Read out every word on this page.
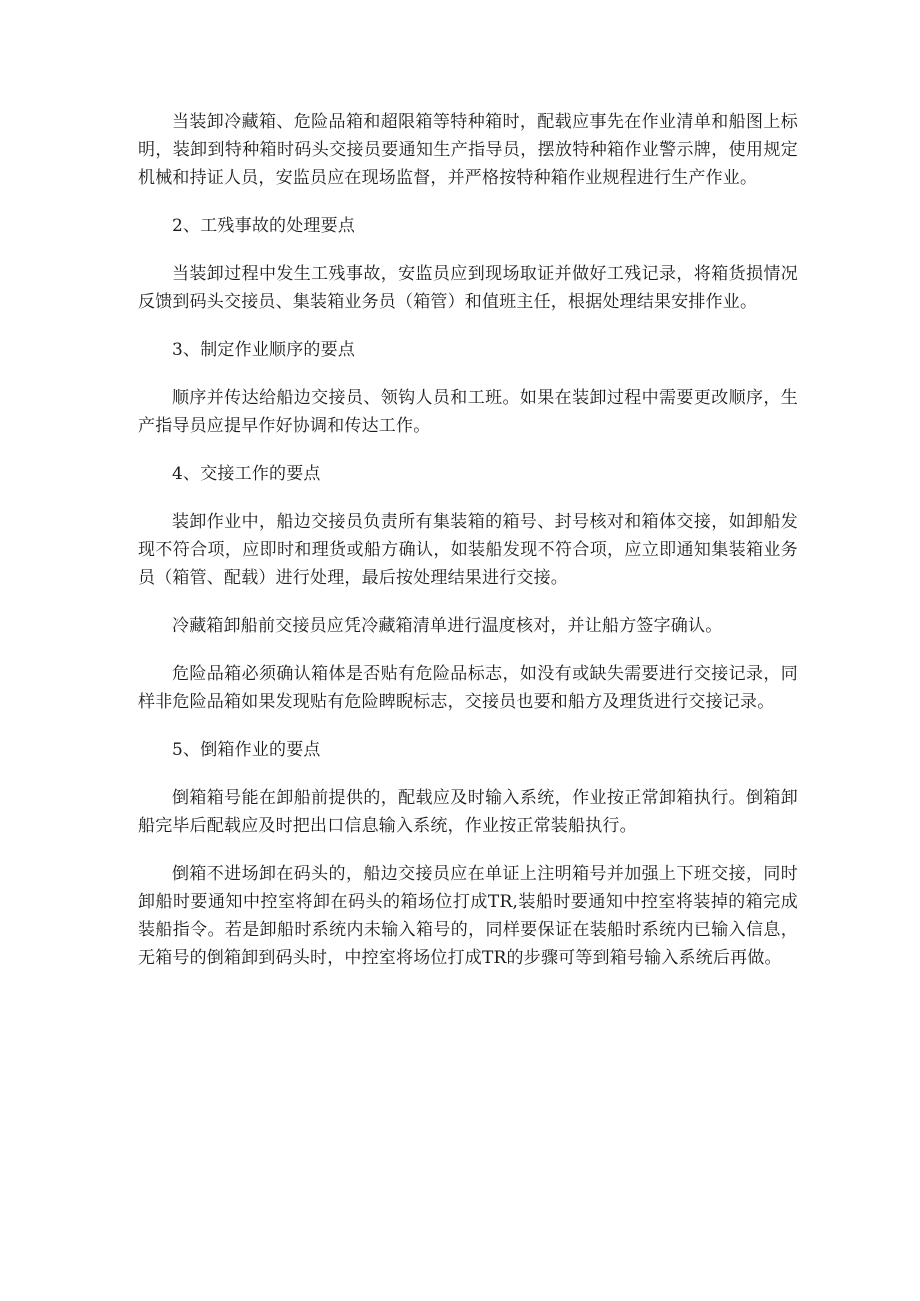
当装卸冷藏箱、危险品箱和超限箱等特种箱时，配载应事先在作业清单和船图上标明，装卸到特种箱时码头交接员要通知生产指导员，摆放特种箱作业警示牌，使用规定机械和持证人员，安监员应在现场监督，并严格按特种箱作业规程进行生产作业。

2、工残事故的处理要点

当装卸过程中发生工残事故，安监员应到现场取证并做好工残记录，将箱货损情况反馈到码头交接员、集装箱业务员（箱管）和值班主任，根据处理结果安排作业。

3、制定作业顺序的要点

顺序并传达给船边交接员、领钩人员和工班。如果在装卸过程中需要更改顺序，生产指导员应提早作好协调和传达工作。

4、交接工作的要点

装卸作业中，船边交接员负责所有集装箱的箱号、封号核对和箱体交接，如卸船发现不符合项，应即时和理货或船方确认，如装船发现不符合项，应立即通知集装箱业务员（箱管、配载）进行处理，最后按处理结果进行交接。

冷藏箱卸船前交接员应凭冷藏箱清单进行温度核对，并让船方签字确认。

危险品箱必须确认箱体是否贴有危险品标志，如没有或缺失需要进行交接记录，同样非危险品箱如果发现贴有危险睥睨标志，交接员也要和船方及理货进行交接记录。

5、倒箱作业的要点

倒箱箱号能在卸船前提供的，配载应及时输入系统，作业按正常卸箱执行。倒箱卸船完毕后配载应及时把出口信息输入系统，作业按正常装船执行。

倒箱不进场卸在码头的，船边交接员应在单证上注明箱号并加强上下班交接，同时卸船时要通知中控室将卸在码头的箱场位打成TR,装船时要通知中控室将装掉的箱完成装船指令。若是卸船时系统内未输入箱号的，同样要保证在装船时系统内已输入信息，无箱号的倒箱卸到码头时，中控室将场位打成TR的步骤可等到箱号输入系统后再做。
